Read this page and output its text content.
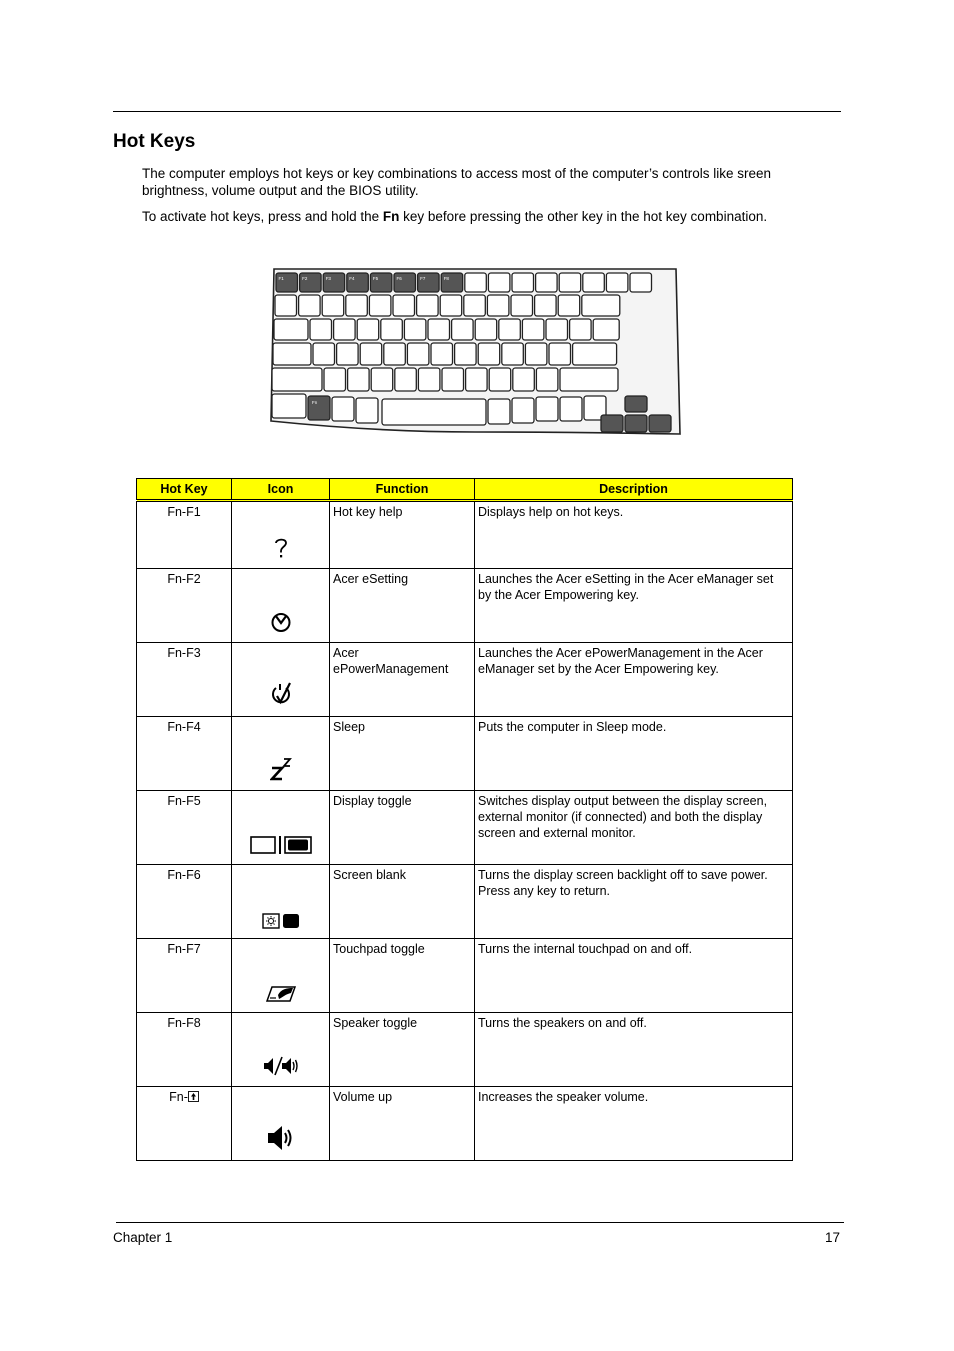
Hot Keys

The computer employs hot keys or key combinations to access most of the computer’s controls like sreen brightness, volume output and the BIOS utility.

To activate hot keys, press and hold the Fn key before pressing the other key in the hot key combination.

F1	F2	F3	F4	F5	F6	F7	F8
Fn
Hot Key	Icon	Function	Description
Fn-F1		Hot key help	Displays help on hot keys.
Fn-F2		Acer eSetting	Launches the Acer eSetting in the Acer eManager set by the Acer Empowering key.
Fn-F3		Acer ePowerManagement	Launches the Acer ePowerManagement in the Acer eManager set by the Acer Empowering key.
Fn-F4		Sleep	Puts the computer in Sleep mode.
Fn-F5		Display toggle	Switches display output between the display screen, external monitor (if connected) and both the display screen and external monitor.
Fn-F6		Screen blank	Turns the display screen backlight off to save power. Press any key to return.
Fn-F7		Touchpad toggle	Turns the internal touchpad on and off.
Fn-F8		Speaker toggle	Turns the speakers on and off.
Fn-		Volume up	Increases the speaker volume.
Chapter 1	17
